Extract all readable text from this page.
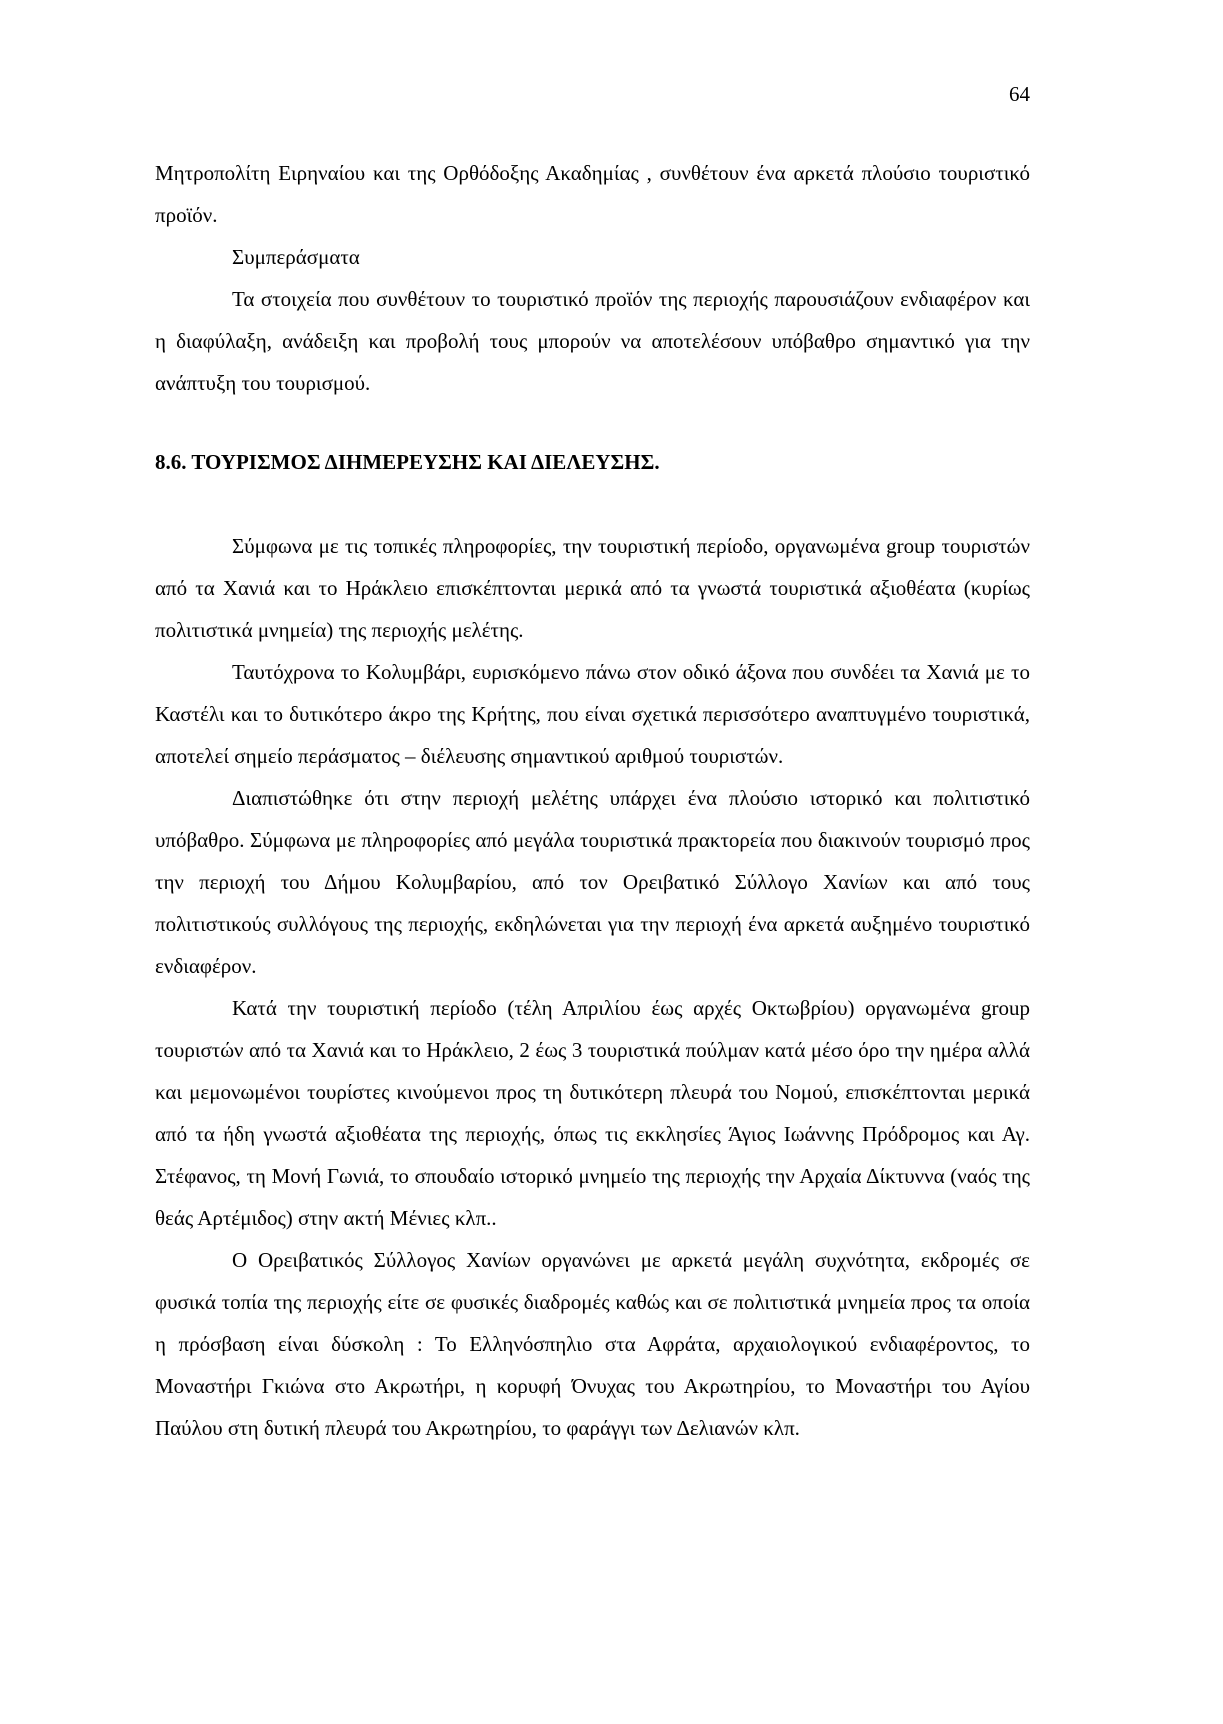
64

Μητροπολίτη Ειρηναίου και της Ορθόδοξης Ακαδημίας , συνθέτουν ένα αρκετά πλούσιο τουριστικό προϊόν.

Συμπεράσματα

Τα στοιχεία που συνθέτουν το τουριστικό προϊόν της περιοχής παρουσιάζουν ενδιαφέρον και η διαφύλαξη, ανάδειξη και προβολή τους μπορούν να αποτελέσουν υπόβαθρο σημαντικό για την ανάπτυξη του τουρισμού.

8.6. ΤΟΥΡΙΣΜΟΣ ΔΙΗΜΕΡΕΥΣΗΣ ΚΑΙ ΔΙΕΛΕΥΣΗΣ.

Σύμφωνα με τις τοπικές πληροφορίες, την τουριστική περίοδο, οργανωμένα group τουριστών από τα Χανιά και το Ηράκλειο επισκέπτονται μερικά από τα γνωστά τουριστικά αξιοθέατα (κυρίως πολιτιστικά μνημεία) της περιοχής μελέτης.

Ταυτόχρονα το Κολυμβάρι, ευρισκόμενο πάνω στον οδικό άξονα που συνδέει τα Χανιά με το Καστέλι και το δυτικότερο άκρο της Κρήτης, που είναι σχετικά περισσότερο αναπτυγμένο τουριστικά, αποτελεί σημείο περάσματος – διέλευσης σημαντικού αριθμού τουριστών.

Διαπιστώθηκε ότι στην περιοχή μελέτης υπάρχει ένα πλούσιο ιστορικό και πολιτιστικό υπόβαθρο. Σύμφωνα με πληροφορίες από μεγάλα τουριστικά πρακτορεία που διακινούν τουρισμό προς την περιοχή του Δήμου Κολυμβαρίου, από τον Ορειβατικό Σύλλογο Χανίων και από τους πολιτιστικούς συλλόγους της περιοχής, εκδηλώνεται για την περιοχή ένα αρκετά αυξημένο τουριστικό ενδιαφέρον.

Κατά την τουριστική περίοδο (τέλη Απριλίου έως αρχές Οκτωβρίου) οργανωμένα group τουριστών από τα Χανιά και το Ηράκλειο, 2 έως 3 τουριστικά πούλμαν κατά μέσο όρο την ημέρα αλλά και μεμονωμένοι τουρίστες κινούμενοι προς τη δυτικότερη πλευρά του Νομού, επισκέπτονται μερικά από τα ήδη γνωστά αξιοθέατα της περιοχής, όπως τις εκκλησίες Άγιος Ιωάννης Πρόδρομος και Αγ. Στέφανος, τη Μονή Γωνιά, το σπουδαίο ιστορικό μνημείο της περιοχής την Αρχαία Δίκτυννα (ναός της θεάς Αρτέμιδος) στην ακτή Μένιες κλπ..

Ο Ορειβατικός Σύλλογος Χανίων οργανώνει με αρκετά μεγάλη συχνότητα, εκδρομές σε φυσικά τοπία της περιοχής είτε σε φυσικές διαδρομές καθώς και σε πολιτιστικά μνημεία προς τα οποία η πρόσβαση είναι δύσκολη : Το Ελληνόσπηλιο στα Αφράτα, αρχαιολογικού ενδιαφέροντος, το Μοναστήρι Γκιώνα στο Ακρωτήρι, η κορυφή Όνυχας του Ακρωτηρίου, το Μοναστήρι του Αγίου Παύλου στη δυτική πλευρά του Ακρωτηρίου, το φαράγγι των Δελιανών κλπ.
